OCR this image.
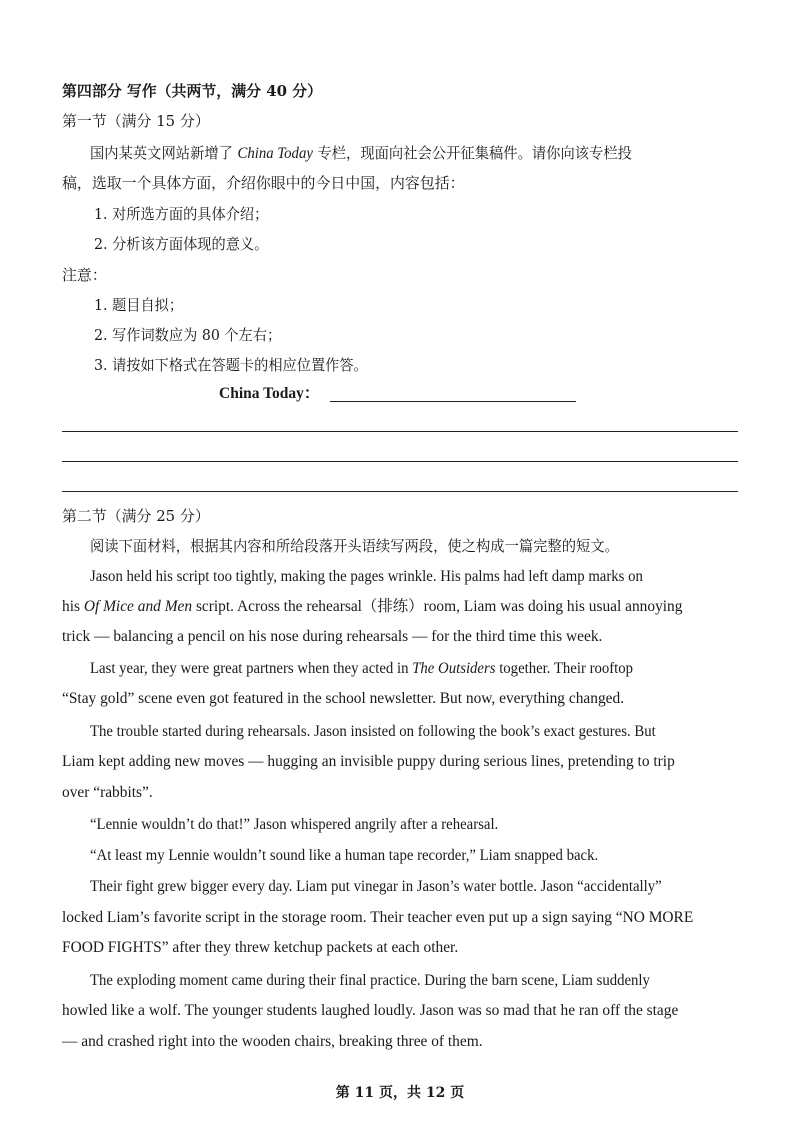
第四部分 写作（共两节，满分 40 分）
第一节（满分 15 分）
国内某英文网站新增了 China Today 专栏，现面向社会公开征集稿件。请你向该专栏投
稿，选取一个具体方面，介绍你眼中的今日中国，内容包括：
1. 对所选方面的具体介绍；
2. 分析该方面体现的意义。
注意：
1. 题目自拟；
2. 写作词数应为 80 个左右；
3. 请按如下格式在答题卡的相应位置作答。
China Today：
第二节（满分 25 分）
阅读下面材料，根据其内容和所给段落开头语续写两段，使之构成一篇完整的短文。
Jason held his script too tightly, making the pages wrinkle. His palms had left damp marks on
his Of Mice and Men script. Across the rehearsal（排练）room, Liam was doing his usual annoying
trick — balancing a pencil on his nose during rehearsals — for the third time this week.
Last year, they were great partners when they acted in The Outsiders together. Their rooftop
“Stay gold” scene even got featured in the school newsletter. But now, everything changed.
The trouble started during rehearsals. Jason insisted on following the book’s exact gestures. But
Liam kept adding new moves — hugging an invisible puppy during serious lines, pretending to trip
over “rabbits”.
“Lennie wouldn’t do that!” Jason whispered angrily after a rehearsal.
“At least my Lennie wouldn’t sound like a human tape recorder,” Liam snapped back.
Their fight grew bigger every day. Liam put vinegar in Jason’s water bottle. Jason “accidentally”
locked Liam’s favorite script in the storage room. Their teacher even put up a sign saying “NO MORE
FOOD FIGHTS” after they threw ketchup packets at each other.
The exploding moment came during their final practice. During the barn scene, Liam suddenly
howled like a wolf. The younger students laughed loudly. Jason was so mad that he ran off the stage
— and crashed right into the wooden chairs, breaking three of them.
第 11 页，共 12 页
